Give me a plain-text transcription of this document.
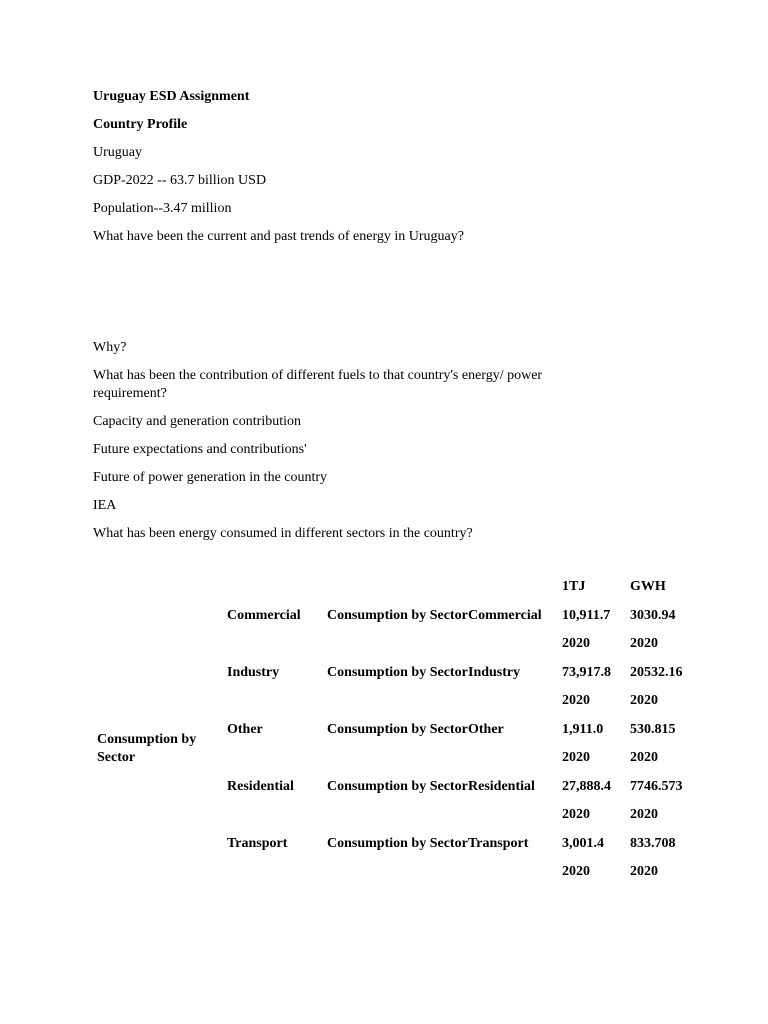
Uruguay ESD Assignment

Country Profile

Uruguay

GDP-2022 -- 63.7 billion USD

Population--3.47 million

What have been the current and past trends of energy in Uruguay?

Why?

What has been the contribution of different fuels to that country's energy/ power requirement?

Capacity and generation contribution

Future expectations and contributions'

Future of power generation in the country

IEA

What has been energy consumed in different sectors in the country?

				1TJ	GWH
Consumption by Sector	Commercial	Consumption by Sector	Commercial	10,911.7	3030.94
				2020	2020
	Industry	Consumption by Sector	Industry	73,917.8	20532.16
				2020	2020
	Other	Consumption by Sector	Other	1,911.0	530.815
				2020	2020
	Residential	Consumption by Sector	Residential	27,888.4	7746.573
				2020	2020
	Transport	Consumption by Sector	Transport	3,001.4	833.708
				2020	2020
